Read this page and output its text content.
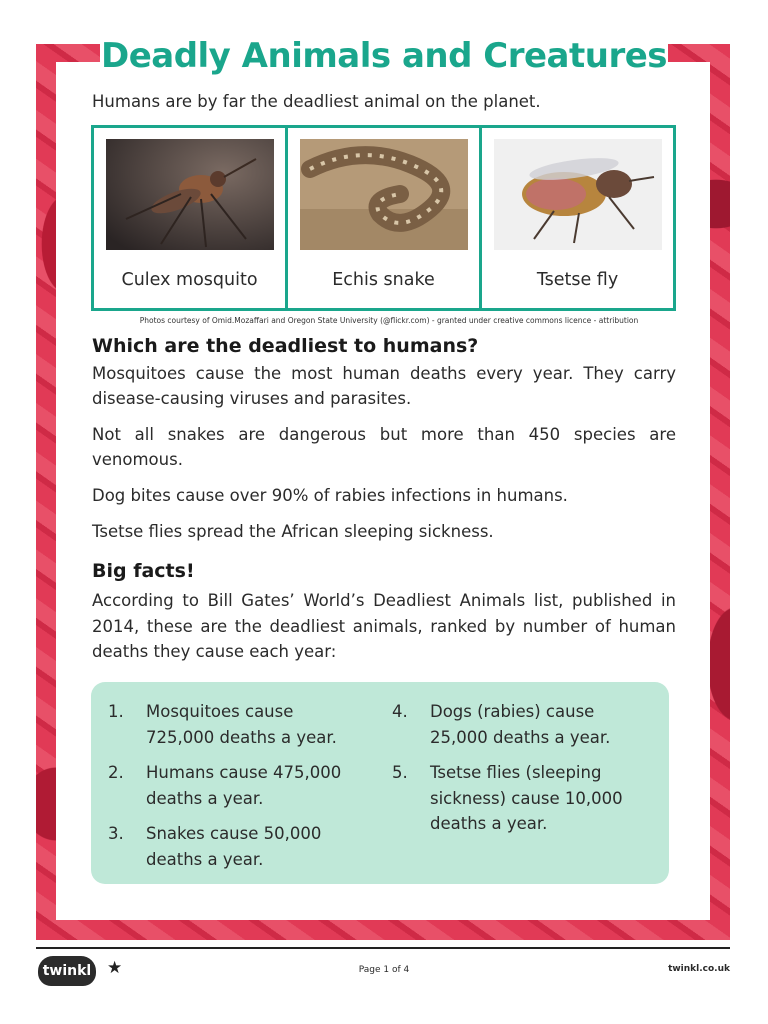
Deadly Animals and Creatures
Humans are by far the deadliest animal on the planet.
Culex mosquito	Echis snake	Tsetse fly
Photos courtesy of Omid.Mozaffari and Oregon State University (@flickr.com) - granted under creative commons licence - attribution
Which are the deadliest to humans?

Mosquitoes cause the most human deaths every year. They carry disease-causing viruses and parasites.

Not all snakes are dangerous but more than 450 species are venomous.

Dog bites cause over 90% of rabies infections in humans.

Tsetse flies spread the African sleeping sickness.

Big facts!

According to Bill Gates’ World’s Deadliest Animals list, published in 2014, these are the deadliest animals, ranked by number of human deaths they cause each year:

1.	Mosquitoes cause 725,000 deaths a year.
2.	Humans cause 475,000 deaths a year.
3.	Snakes cause 50,000 deaths a year.
4.	Dogs (rabies) cause 25,000 deaths a year.
5.	Tsetse flies (sleeping sickness) cause 10,000 deaths a year.
twinkl ★	Page 1 of 4	twinkl.co.uk
